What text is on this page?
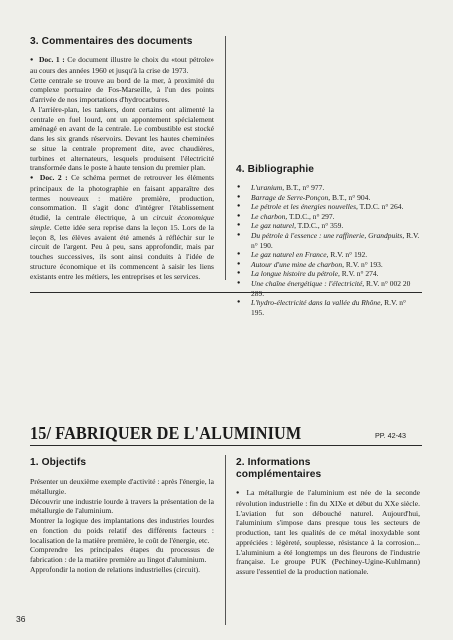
3. Commentaires des documents

● Doc. 1 : Ce document illustre le choix du «tout pétrole» au cours des années 1960 et jusqu'à la crise de 1973.

Cette centrale se trouve au bord de la mer, à proximité du complexe portuaire de Fos-Marseille, à l'un des points d'arrivée de nos importations d'hydrocarbures.

A l'arrière-plan, les tankers, dont certains ont alimenté la centrale en fuel lourd, ont un appontement spécialement aménagé en avant de la centrale. Le combustible est stocké dans les six grands réservoirs. Devant les hautes cheminées se situe la centrale proprement dite, avec chaudières, turbines et alternateurs, lesquels produisent l'électricité transformée dans le poste à haute tension du premier plan.

● Doc. 2 : Ce schéma permet de retrouver les éléments principaux de la photographie en faisant apparaître des termes nouveaux : matière première, production, consommation. Il s'agit donc d'intégrer l'établissement étudié, la centrale électrique, à un circuit économique simple. Cette idée sera reprise dans la leçon 15. Lors de la leçon 8, les élèves avaient été amenés à réfléchir sur le circuit de l'argent. Peu à peu, sans approfondir, mais par touches successives, ils sont ainsi conduits à l'idée de structure économique et ils commencent à saisir les liens existants entre les métiers, les entreprises et les services.

4. Bibliographie
● L'uranium, B.T., n° 977.
● Barrage de Serre-Ponçon, B.T., n° 904.
● Le pétrole et les énergies nouvelles, T.D.C. n° 264.
● Le charbon, T.D.C., n° 297.
● Le gaz naturel, T.D.C., n° 359.
● Du pétrole à l'essence : une raffinerie, Grandpuits, R.V. n° 190.
● Le gaz naturel en France, R.V. n° 192.
● Autour d'une mine de charbon, R.V. n° 193.
● La longue histoire du pétrole, R.V. n° 274.
● Une chaîne énergétique : l'électricité, R.V. n° 002 20 289.
● L'hydro-électricité dans la vallée du Rhône, R.V. n° 195.
15/ FABRIQUER DE L'ALUMINIUM	PP. 42-43
1. Objectifs

Présenter un deuxième exemple d'activité : après l'énergie, la métallurgie.

Découvrir une industrie lourde à travers la présentation de la métallurgie de l'aluminium.

Montrer la logique des implantations des industries lourdes en fonction du poids relatif des différents facteurs : localisation de la matière première, le coût de l'énergie, etc.

Comprendre les principales étapes du processus de fabrication : de la matière première au lingot d'aluminium.

Approfondir la notion de relations industrielles (circuit).

2. Informations
complémentaires

● La métallurgie de l'aluminium est née de la seconde révolution industrielle : fin du XIXe et début du XXe siècle. L'aviation fut son débouché naturel. Aujourd'hui, l'aluminium s'impose dans presque tous les secteurs de production, tant les qualités de ce métal inoxydable sont appréciées : légèreté, souplesse, résistance à la corrosion... L'aluminium a été longtemps un des fleurons de l'industrie française. Le groupe PUK (Pechiney-Ugine-Kuhlmann) assure l'essentiel de la production nationale.

36
